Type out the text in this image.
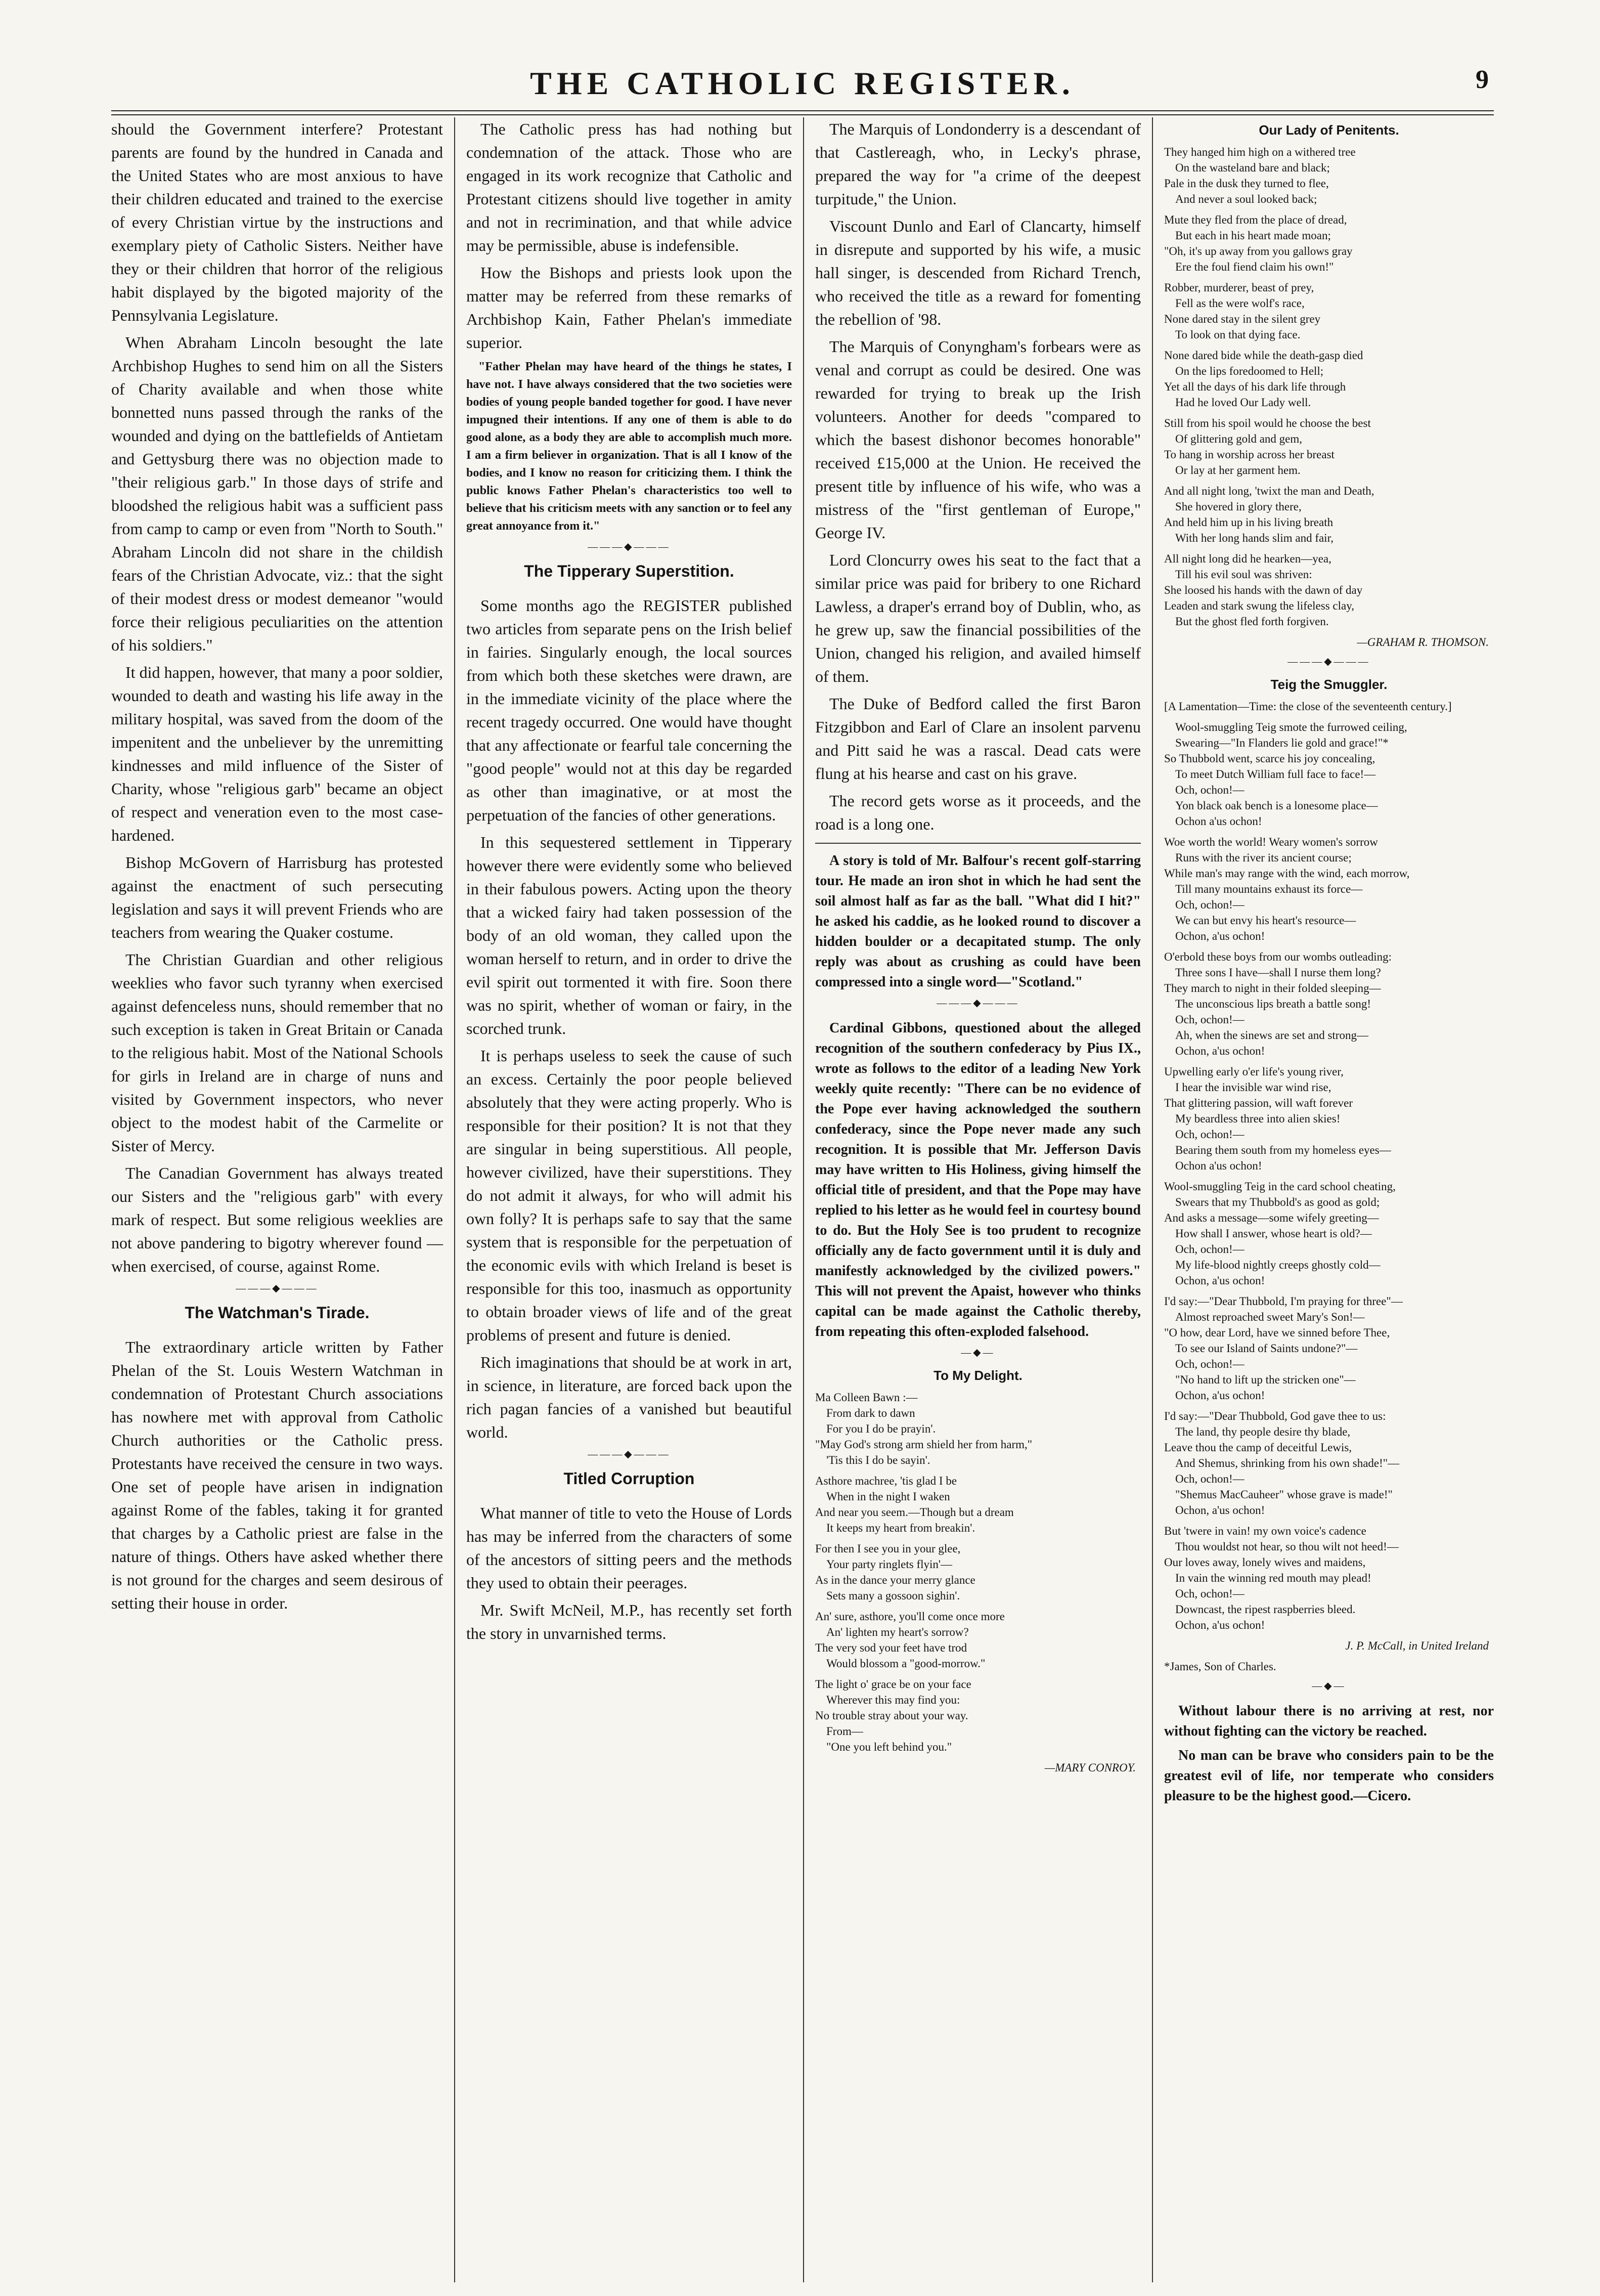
THE CATHOLIC REGISTER.	9

should the Government interfere? Protestant parents are found by the hundred in Canada and the United States who are most anxious to have their children educated and trained to the exercise of every Christian virtue by the instructions and exemplary piety of Catholic Sisters. Neither have they or their children that horror of the religious habit displayed by the bigoted majority of the Pennsylvania Legislature.

When Abraham Lincoln besought the late Archbishop Hughes to send him on all the Sisters of Charity available and when those white bonnetted nuns passed through the ranks of the wounded and dying on the battlefields of Antietam and Gettysburg there was no objection made to "their religious garb." In those days of strife and bloodshed the religious habit was a sufficient pass from camp to camp or even from "North to South." Abraham Lincoln did not share in the childish fears of the Christian Advocate, viz.: that the sight of their modest dress or modest demeanor "would force their religious peculiarities on the attention of his soldiers."

It did happen, however, that many a poor soldier, wounded to death and wasting his life away in the military hospital, was saved from the doom of the impenitent and the unbeliever by the unremitting kindnesses and mild influence of the Sister of Charity, whose "religious garb" became an object of respect and veneration even to the most case-hardened.

Bishop McGovern of Harrisburg has protested against the enactment of such persecuting legislation and says it will prevent Friends who are teachers from wearing the Quaker costume.

The Christian Guardian and other religious weeklies who favor such tyranny when exercised against defenceless nuns, should remember that no such exception is taken in Great Britain or Canada to the religious habit. Most of the National Schools for girls in Ireland are in charge of nuns and visited by Government inspectors, who never object to the modest habit of the Carmelite or Sister of Mercy.

The Canadian Government has always treated our Sisters and the "religious garb" with every mark of respect. But some religious weeklies are not above pandering to bigotry wherever found — when exercised, of course, against Rome.

———◆———
The Watchman's Tirade.

The extraordinary article written by Father Phelan of the St. Louis Western Watchman in condemnation of Protestant Church associations has nowhere met with approval from Catholic Church authorities or the Catholic press. Protestants have received the censure in two ways. One set of people have arisen in indignation against Rome of the fables, taking it for granted that charges by a Catholic priest are false in the nature of things. Others have asked whether there is not ground for the charges and seem desirous of setting their house in order.

The Catholic press has had nothing but condemnation of the attack. Those who are engaged in its work recognize that Catholic and Protestant citizens should live together in amity and not in recrimination, and that while advice may be permissible, abuse is indefensible.

How the Bishops and priests look upon the matter may be referred from these remarks of Archbishop Kain, Father Phelan's immediate superior.

"Father Phelan may have heard of the things he states, I have not. I have always considered that the two societies were bodies of young people banded together for good. I have never impugned their intentions. If any one of them is able to do good alone, as a body they are able to accomplish much more. I am a firm believer in organization. That is all I know of the bodies, and I know no reason for criticizing them. I think the public knows Father Phelan's characteristics too well to believe that his criticism meets with any sanction or to feel any great annoyance from it."
———◆———
The Tipperary Superstition.

Some months ago the REGISTER published two articles from separate pens on the Irish belief in fairies. Singularly enough, the local sources from which both these sketches were drawn, are in the immediate vicinity of the place where the recent tragedy occurred. One would have thought that any affectionate or fearful tale concerning the "good people" would not at this day be regarded as other than imaginative, or at most the perpetuation of the fancies of other generations.

In this sequestered settlement in Tipperary however there were evidently some who believed in their fabulous powers. Acting upon the theory that a wicked fairy had taken possession of the body of an old woman, they called upon the woman herself to return, and in order to drive the evil spirit out tormented it with fire. Soon there was no spirit, whether of woman or fairy, in the scorched trunk.

It is perhaps useless to seek the cause of such an excess. Certainly the poor people believed absolutely that they were acting properly. Who is responsible for their position? It is not that they are singular in being superstitious. All people, however civilized, have their superstitions. They do not admit it always, for who will admit his own folly? It is perhaps safe to say that the same system that is responsible for the perpetuation of the economic evils with which Ireland is beset is responsible for this too, inasmuch as opportunity to obtain broader views of life and of the great problems of present and future is denied.

Rich imaginations that should be at work in art, in science, in literature, are forced back upon the rich pagan fancies of a vanished but beautiful world.

———◆———
Titled Corruption

What manner of title to veto the House of Lords has may be inferred from the characters of some of the ancestors of sitting peers and the methods they used to obtain their peerages.

Mr. Swift McNeil, M.P., has recently set forth the story in unvarnished terms.

The Marquis of Londonderry is a descendant of that Castlereagh, who, in Lecky's phrase, prepared the way for "a crime of the deepest turpitude," the Union.

Viscount Dunlo and Earl of Clancarty, himself in disrepute and supported by his wife, a music hall singer, is descended from Richard Trench, who received the title as a reward for fomenting the rebellion of '98.

The Marquis of Conyngham's forbears were as venal and corrupt as could be desired. One was rewarded for trying to break up the Irish volunteers. Another for deeds "compared to which the basest dishonor becomes honorable" received £15,000 at the Union. He received the present title by influence of his wife, who was a mistress of the "first gentleman of Europe," George IV.

Lord Cloncurry owes his seat to the fact that a similar price was paid for bribery to one Richard Lawless, a draper's errand boy of Dublin, who, as he grew up, saw the financial possibilities of the Union, changed his religion, and availed himself of them.

The Duke of Bedford called the first Baron Fitzgibbon and Earl of Clare an insolent parvenu and Pitt said he was a rascal. Dead cats were flung at his hearse and cast on his grave.

The record gets worse as it proceeds, and the road is a long one.

A story is told of Mr. Balfour's recent golf-starring tour. He made an iron shot in which he had sent the soil almost half as far as the ball. "What did I hit?" he asked his caddie, as he looked round to discover a hidden boulder or a decapitated stump. The only reply was about as crushing as could have been compressed into a single word—"Scotland."

———◆———

Cardinal Gibbons, questioned about the alleged recognition of the southern confederacy by Pius IX., wrote as follows to the editor of a leading New York weekly quite recently: "There can be no evidence of the Pope ever having acknowledged the southern confederacy, since the Pope never made any such recognition. It is possible that Mr. Jefferson Davis may have written to His Holiness, giving himself the official title of president, and that the Pope may have replied to his letter as he would feel in courtesy bound to do. But the Holy See is too prudent to recognize officially any de facto government until it is duly and manifestly acknowledged by the civilized powers." This will not prevent the Apaist, however who thinks capital can be made against the Catholic thereby, from repeating this often-exploded falsehood.

—◆—
To My Delight.
Ma Colleen Bawn :—
From dark to dawn
For you I do be prayin'.
"May God's strong arm shield her from harm,"
'Tis this I do be sayin'.
Asthore machree, 'tis glad I be
When in the night I waken
And near you seem.—Though but a dream
It keeps my heart from breakin'.
For then I see you in your glee,
Your party ringlets flyin'—
As in the dance your merry glance
Sets many a gossoon sighin'.
An' sure, asthore, you'll come once more
An' lighten my heart's sorrow?
The very sod your feet have trod
Would blossom a "good-morrow."
The light o' grace be on your face
Wherever this may find you:
No trouble stray about your way.
From—
"One you left behind you."
—MARY CONROY.
Our Lady of Penitents.
They hanged him high on a withered tree
On the wasteland bare and black;
Pale in the dusk they turned to flee,
And never a soul looked back;
Mute they fled from the place of dread,
But each in his heart made moan;
"Oh, it's up away from you gallows gray
Ere the foul fiend claim his own!"
Robber, murderer, beast of prey,
Fell as the were wolf's race,
None dared stay in the silent grey
To look on that dying face.
None dared bide while the death-gasp died
On the lips foredoomed to Hell;
Yet all the days of his dark life through
Had he loved Our Lady well.
Still from his spoil would he choose the best
Of glittering gold and gem,
To hang in worship across her breast
Or lay at her garment hem.
And all night long, 'twixt the man and Death,
She hovered in glory there,
And held him up in his living breath
With her long hands slim and fair,
All night long did he hearken—yea,
Till his evil soul was shriven:
She loosed his hands with the dawn of day
Leaden and stark swung the lifeless clay,
But the ghost fled forth forgiven.
—GRAHAM R. THOMSON.
———◆———
Teig the Smuggler.
[A Lamentation—Time: the close of the seventeenth century.]
Wool-smuggling Teig smote the furrowed ceiling,
Swearing—"In Flanders lie gold and grace!"*
So Thubbold went, scarce his joy concealing,
To meet Dutch William full face to face!—
Och, ochon!—
Yon black oak bench is a lonesome place—
Ochon a'us ochon!
Woe worth the world! Weary women's sorrow
Runs with the river its ancient course;
While man's may range with the wind, each morrow,
Till many mountains exhaust its force—
Och, ochon!—
We can but envy his heart's resource—
Ochon, a'us ochon!
O'erbold these boys from our wombs outleading:
Three sons I have—shall I nurse them long?
They march to night in their folded sleeping—
The unconscious lips breath a battle song!
Och, ochon!—
Ah, when the sinews are set and strong—
Ochon, a'us ochon!
Upwelling early o'er life's young river,
I hear the invisible war wind rise,
That glittering passion, will waft forever
My beardless three into alien skies!
Och, ochon!—
Bearing them south from my homeless eyes—
Ochon a'us ochon!
Wool-smuggling Teig in the card school cheating,
Swears that my Thubbold's as good as gold;
And asks a message—some wifely greeting—
How shall I answer, whose heart is old?—
Och, ochon!—
My life-blood nightly creeps ghostly cold—
Ochon, a'us ochon!
I'd say:—"Dear Thubbold, I'm praying for three"—
Almost reproached sweet Mary's Son!—
"O how, dear Lord, have we sinned before Thee,
To see our Island of Saints undone?"—
Och, ochon!—
"No hand to lift up the stricken one"—
Ochon, a'us ochon!
I'd say:—"Dear Thubbold, God gave thee to us:
The land, thy people desire thy blade,
Leave thou the camp of deceitful Lewis,
And Shemus, shrinking from his own shade!"—
Och, ochon!—
"Shemus MacCauheer" whose grave is made!"
Ochon, a'us ochon!
But 'twere in vain! my own voice's cadence
Thou wouldst not hear, so thou wilt not heed!—
Our loves away, lonely wives and maidens,
In vain the winning red mouth may plead!
Och, ochon!—
Downcast, the ripest raspberries bleed.
Ochon, a'us ochon!
J. P. McCall, in United Ireland
*James, Son of Charles.
—◆—

Without labour there is no arriving at rest, nor without fighting can the victory be reached.

No man can be brave who considers pain to be the greatest evil of life, nor temperate who considers pleasure to be the highest good.—Cicero.
